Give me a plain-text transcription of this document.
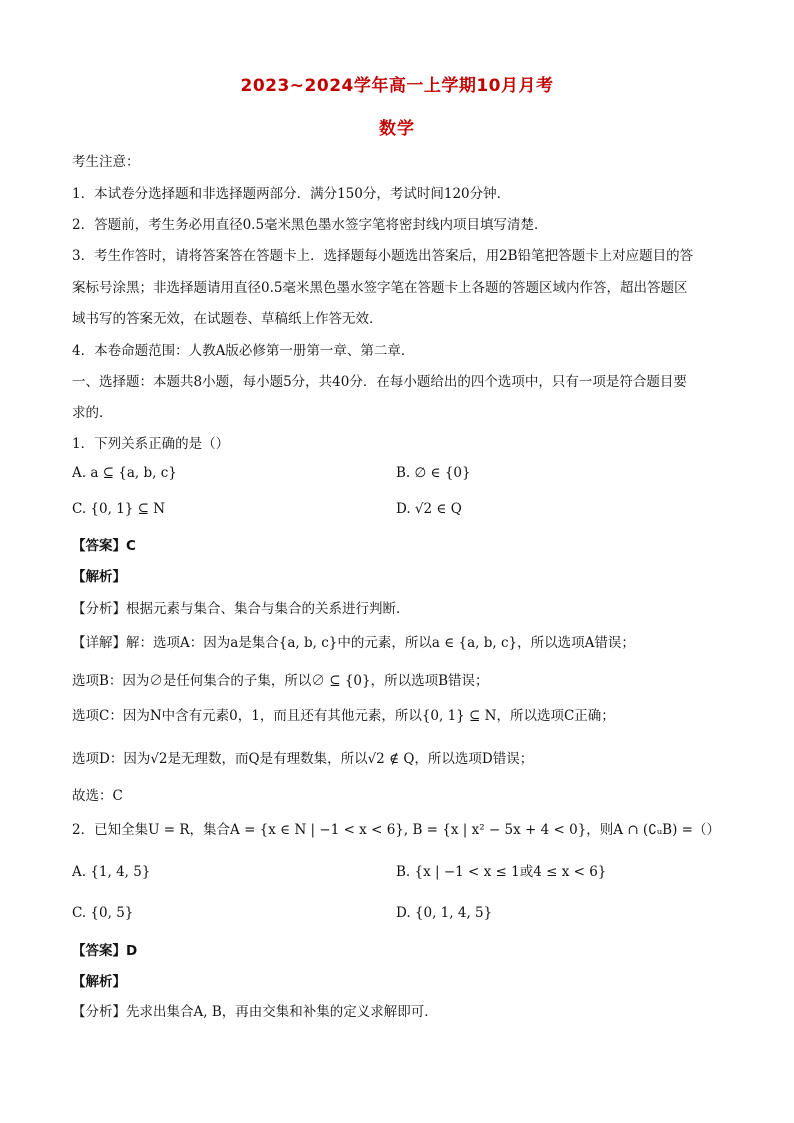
2023~2024学年高一上学期10月月考
数学
考生注意：
1．本试卷分选择题和非选择题两部分．满分150分，考试时间120分钟．
2．答题前，考生务必用直径0.5毫米黑色墨水签字笔将密封线内项目填写清楚．
3．考生作答时，请将答案答在答题卡上．选择题每小题选出答案后，用2B铅笔把答题卡上对应题目的答
案标号涂黑；非选择题请用直径0.5毫米黑色墨水签字笔在答题卡上各题的答题区域内作答，超出答题区
域书写的答案无效，在试题卷、草稿纸上作答无效．
4．本卷命题范围：人教A版必修第一册第一章、第二章．
一、选择题：本题共8小题，每小题5分，共40分．在每小题给出的四个选项中，只有一项是符合题目要
求的．
1．下列关系正确的是（）
A. a ⊆ {a, b, c}	B. ∅ ∈ {0}
C. {0, 1} ⊆ N	D. √2 ∈ Q
【答案】C
【解析】
【分析】根据元素与集合、集合与集合的关系进行判断．
【详解】解：选项A：因为a是集合{a, b, c}中的元素，所以a ∈ {a, b, c}，所以选项A错误；
选项B：因为∅是任何集合的子集，所以∅ ⊆ {0}，所以选项B错误；
选项C：因为N中含有元素0，1，而且还有其他元素，所以{0, 1} ⊆ N，所以选项C正确；
选项D：因为√2是无理数，而Q是有理数集，所以√2 ∉ Q，所以选项D错误；
故选：C
2．已知全集U = R，集合A = {x ∈ N | −1 < x < 6}, B = {x | x² − 5x + 4 < 0}，则A ∩ (∁ᵤB) =（）
A. {1, 4, 5}	B. {x | −1 < x ≤ 1或4 ≤ x < 6}
C. {0, 5}	D. {0, 1, 4, 5}
【答案】D
【解析】
【分析】先求出集合A, B，再由交集和补集的定义求解即可．
